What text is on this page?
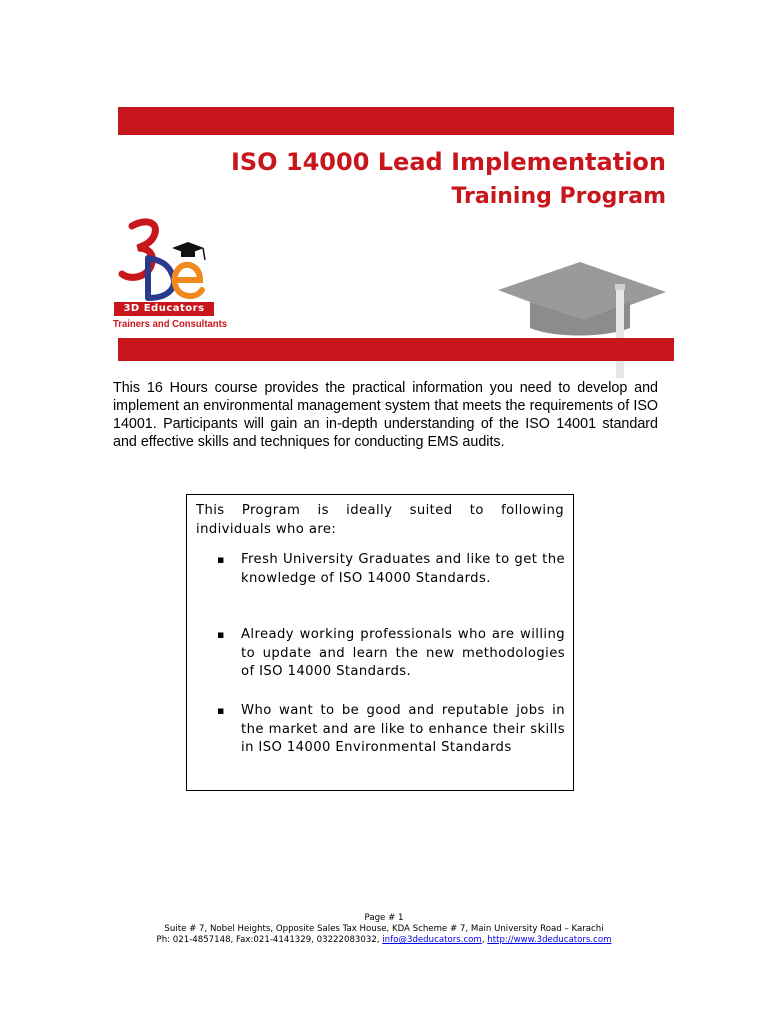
ISO 14000 Lead Implementation
Training Program
3D Educators
Trainers and Consultants

This 16 Hours course provides the practical information you need to develop and implement an environmental management system that meets the requirements of ISO 14001. Participants will gain an in-depth understanding of the ISO 14001 standard and effective skills and techniques for conducting EMS audits.

This Program is ideally suited to following individuals who are:
▪ Fresh University Graduates and like to get the knowledge of ISO 14000 Standards.
▪ Already working professionals who are willing to update and learn the new methodologies of ISO 14000 Standards.
▪ Who want to be good and reputable jobs in the market and are like to enhance their skills in ISO 14000 Environmental Standards
Page # 1
Suite # 7, Nobel Heights, Opposite Sales Tax House, KDA Scheme # 7, Main University Road – Karachi
Ph: 021-4857148, Fax:021-4141329, 03222083032, info@3deducators.com, http://www.3deducators.com
